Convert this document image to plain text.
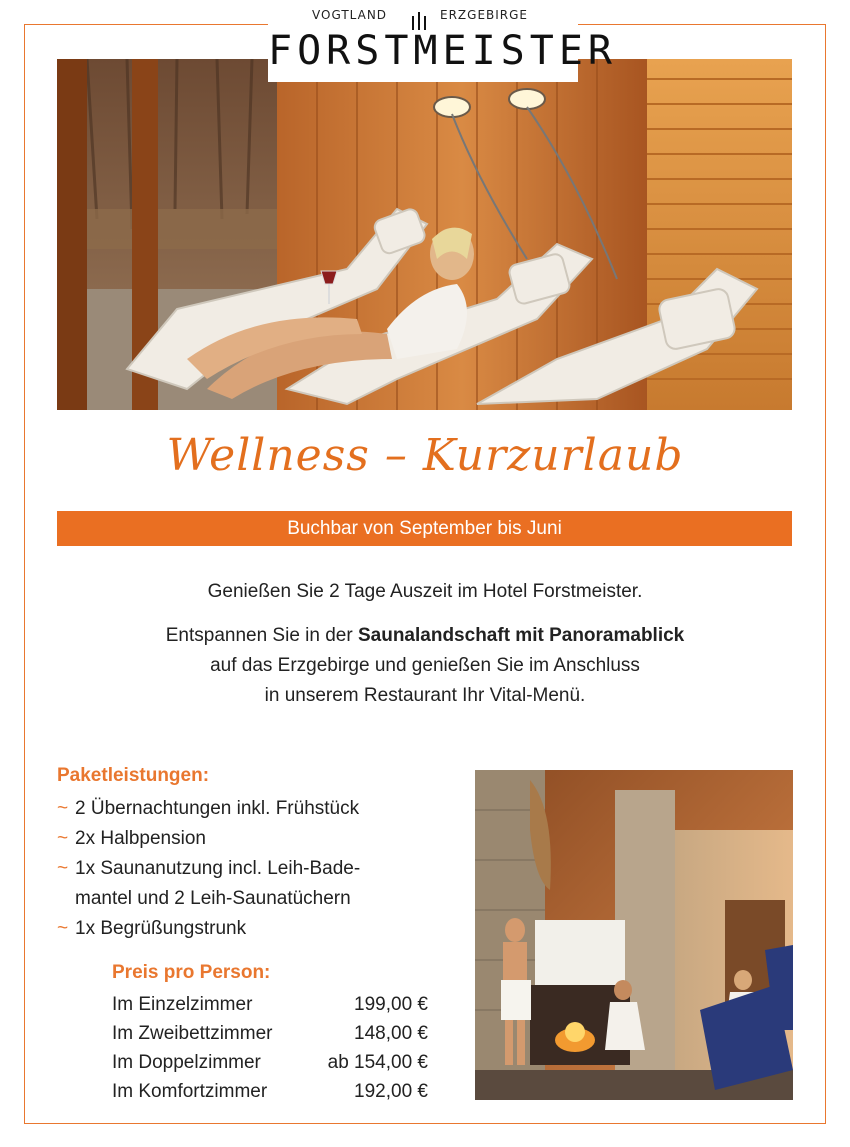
VOGTLAND	ERZGEBIRGE
FORSTMEISTER
Wellness – Kurzurlaub
Buchbar von September bis Juni
Genießen Sie 2 Tage Auszeit im Hotel Forstmeister.
Entspannen Sie in der Saunalandschaft mit Panoramablick
auf das Erzgebirge und genießen Sie im Anschluss
in unserem Restaurant Ihr Vital-Menü.
Paketleistungen:
~ 2 Übernachtungen inkl. Frühstück
~ 2x Halbpension
~ 1x Saunanutzung incl. Leih-Bade-
mantel und 2 Leih-Saunatüchern
~ 1x Begrüßungstrunk
Preis pro Person:
Im Einzelzimmer	199,00 €
Im Zweibettzimmer	148,00 €
Im Doppelzimmer	ab 154,00 €
Im Komfortzimmer	192,00 €
